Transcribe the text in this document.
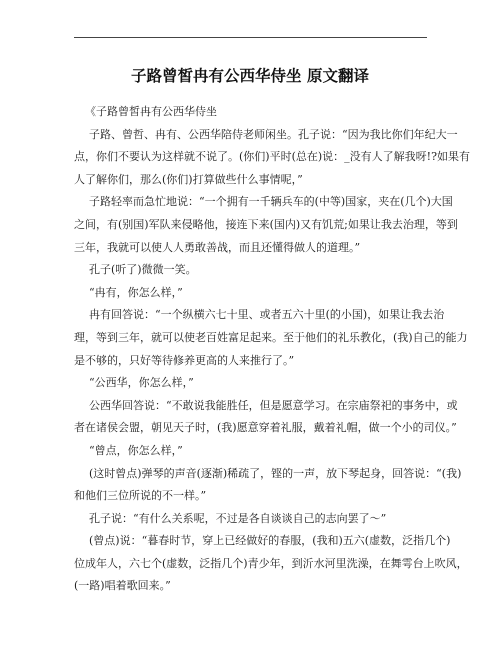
子路曾皙冉有公西华侍坐 原文翻译

《子路曾皙冉有公西华侍坐

子路、曾哲、冉有、公西华陪侍老师闲坐。孔子说：“因为我比你们年纪大一

点，你们不要认为这样就不说了。(你们)平时(总在)说：_没有人了解我呀!?如果有

人了解你们，那么(你们)打算做些什么事情呢，”

子路轻率而急忙地说：“一个拥有一千辆兵车的(中等)国家，夹在(几个)大国

之间，有(别国)军队来侵略他，接连下来(国内)又有饥荒;如果让我去治理，等到

三年，我就可以使人人勇敢善战，而且还懂得做人的道理。”

孔子(听了)微微一笑。

“冉有，你怎么样，”

冉有回答说：“一个纵横六七十里、或者五六十里(的小国)，如果让我去治

理，等到三年，就可以使老百姓富足起来。至于他们的礼乐教化，(我)自己的能力

是不够的，只好等待修养更高的人来推行了。”

“公西华，你怎么样，”

公西华回答说：“不敢说我能胜任，但是愿意学习。在宗庙祭祀的事务中，或

者在诸侯会盟，朝见天子时，(我)愿意穿着礼服，戴着礼帽，做一个小的司仪。”

“曾点，你怎么样，”

(这时曾点)弹琴的声音(逐渐)稀疏了，铿的一声，放下琴起身，回答说：“(我)

和他们三位所说的不一样。”

孔子说：“有什么关系呢，不过是各自谈谈自己的志向罢了～”

(曾点)说：“暮春时节，穿上已经做好的春服，(我和)五六(虚数，泛指几个)

位成年人，六七个(虚数，泛指几个)青少年，到沂水河里洗澡，在舞雩台上吹风，

(一路)唱着歌回来。”
